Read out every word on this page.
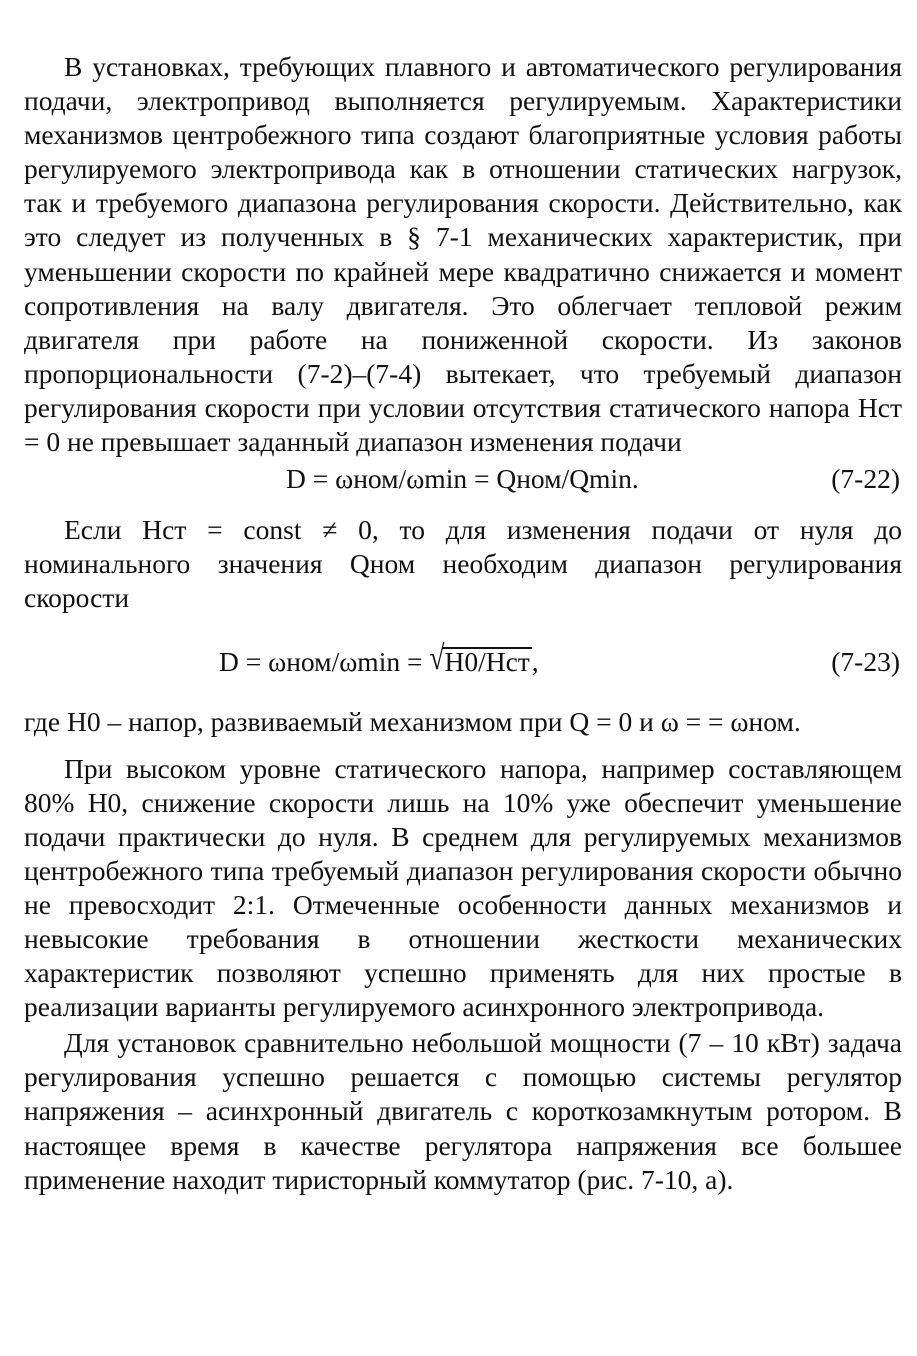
В установках, требующих плавного и автоматического регулирования подачи, электропривод выполняется регулируемым. Характеристики механизмов центробежного типа создают благоприятные условия работы регулируемого электропривода как в отношении статических нагрузок, так и требуемого диапазона регулирования скорости. Действительно, как это следует из полученных в § 7-1 механических характеристик, при уменьшении скорости по крайней мере квадратично снижается и момент сопротивления на валу двигателя. Это облегчает тепловой режим двигателя при работе на пониженной скорости. Из законов пропорциональности (7-2)–(7-4) вытекает, что требуемый диапазон регулирования скорости при условии отсутствия статического напора Hст = 0 не превышает заданный диапазон изменения подачи

D = ωном/ωmin = Qном/Qmin.	(7-22)

Если Hст = const ≠ 0, то для изменения подачи от нуля до номинального значения Qном необходим диапазон регулирования скорости

D = ωном/ωmin = √H0/Hст,	(7-23)

где H0 – напор, развиваемый механизмом при Q = 0 и ω = = ωном.

При высоком уровне статического напора, например составляющем 80% H0, снижение скорости лишь на 10% уже обеспечит уменьшение подачи практически до нуля. В среднем для регулируемых механизмов центробежного типа требуемый диапазон регулирования скорости обычно не превосходит 2:1. Отмеченные особенности данных механизмов и невысокие требования в отношении жесткости механических характеристик позволяют успешно применять для них простые в реализации варианты регулируемого асинхронного электропривода.

Для установок сравнительно небольшой мощности (7 – 10 кВт) задача регулирования успешно решается с помощью системы регулятор напряжения – асинхронный двигатель с короткозамкнутым ротором. В настоящее время в качестве регулятора напряжения все большее применение находит тиристорный коммутатор (рис. 7-10, а).
